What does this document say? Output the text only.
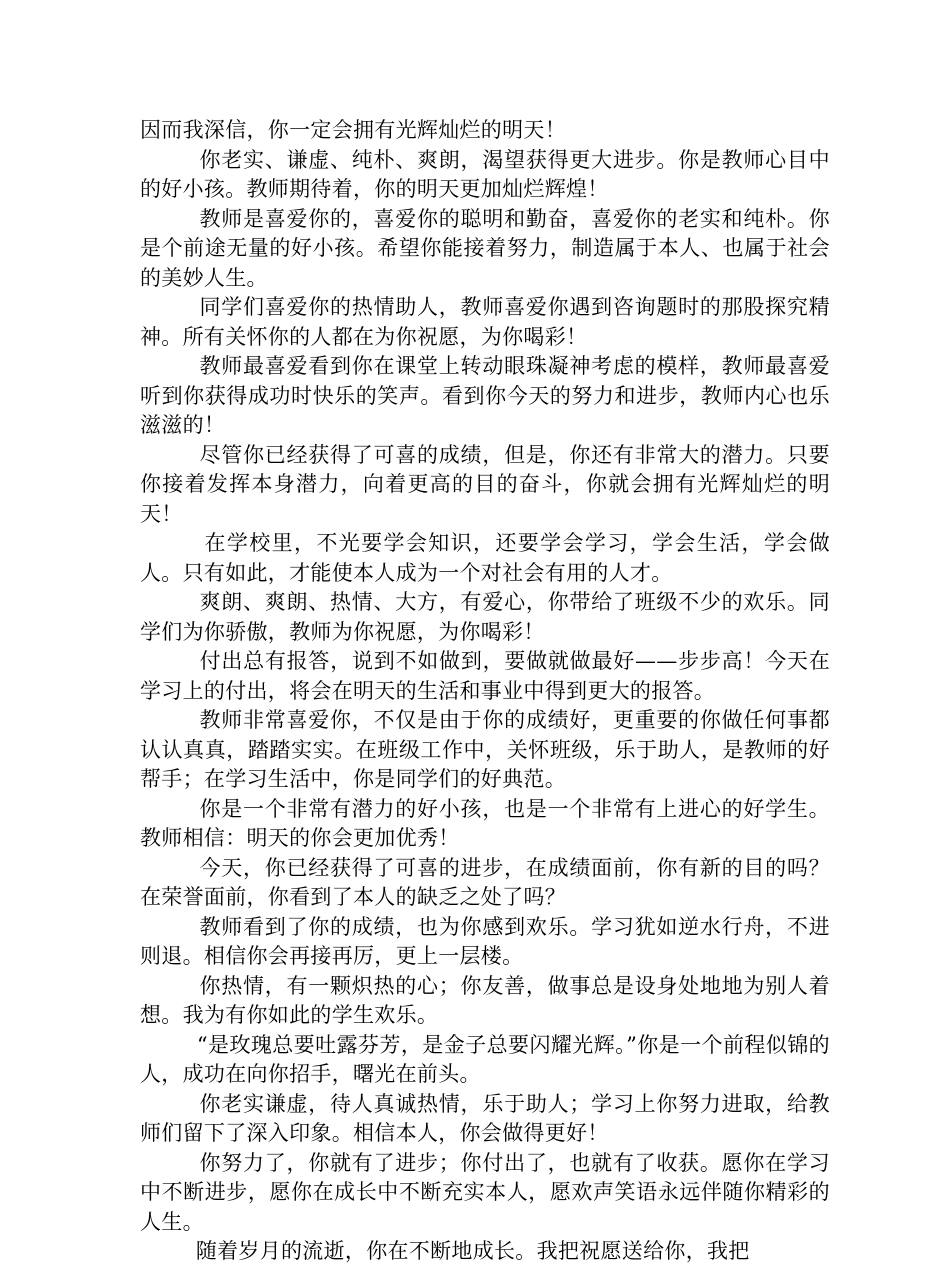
因而我深信，你一定会拥有光辉灿烂的明天！

你老实、谦虚、纯朴、爽朗，渴望获得更大进步。你是教师心目中的好小孩。教师期待着，你的明天更加灿烂辉煌！

教师是喜爱你的，喜爱你的聪明和勤奋，喜爱你的老实和纯朴。你是个前途无量的好小孩。希望你能接着努力，制造属于本人、也属于社会的美妙人生。

同学们喜爱你的热情助人，教师喜爱你遇到咨询题时的那股探究精神。所有关怀你的人都在为你祝愿，为你喝彩！

教师最喜爱看到你在课堂上转动眼珠凝神考虑的模样，教师最喜爱听到你获得成功时快乐的笑声。看到你今天的努力和进步，教师内心也乐滋滋的！

尽管你已经获得了可喜的成绩，但是，你还有非常大的潜力。只要你接着发挥本身潜力，向着更高的目的奋斗，你就会拥有光辉灿烂的明天！

在学校里，不光要学会知识，还要学会学习，学会生活，学会做人。只有如此，才能使本人成为一个对社会有用的人才。

爽朗、爽朗、热情、大方，有爱心，你带给了班级不少的欢乐。同学们为你骄傲，教师为你祝愿，为你喝彩！

付出总有报答，说到不如做到，要做就做最好——步步高！今天在学习上的付出，将会在明天的生活和事业中得到更大的报答。

教师非常喜爱你，不仅是由于你的成绩好，更重要的你做任何事都认认真真，踏踏实实。在班级工作中，关怀班级，乐于助人，是教师的好帮手；在学习生活中，你是同学们的好典范。

你是一个非常有潜力的好小孩，也是一个非常有上进心的好学生。教师相信：明天的你会更加优秀！

今天，你已经获得了可喜的进步，在成绩面前，你有新的目的吗？在荣誉面前，你看到了本人的缺乏之处了吗？

教师看到了你的成绩，也为你感到欢乐。学习犹如逆水行舟，不进则退。相信你会再接再厉，更上一层楼。

你热情，有一颗炽热的心；你友善，做事总是设身处地地为别人着想。我为有你如此的学生欢乐。

“是玫瑰总要吐露芬芳，是金子总要闪耀光辉。”你是一个前程似锦的人，成功在向你招手，曙光在前头。

你老实谦虚，待人真诚热情，乐于助人；学习上你努力进取，给教师们留下了深入印象。相信本人，你会做得更好！

你努力了，你就有了进步；你付出了，也就有了收获。愿你在学习中不断进步，愿你在成长中不断充实本人，愿欢声笑语永远伴随你精彩的人生。

随着岁月的流逝，你在不断地成长。我把祝愿送给你，我把
